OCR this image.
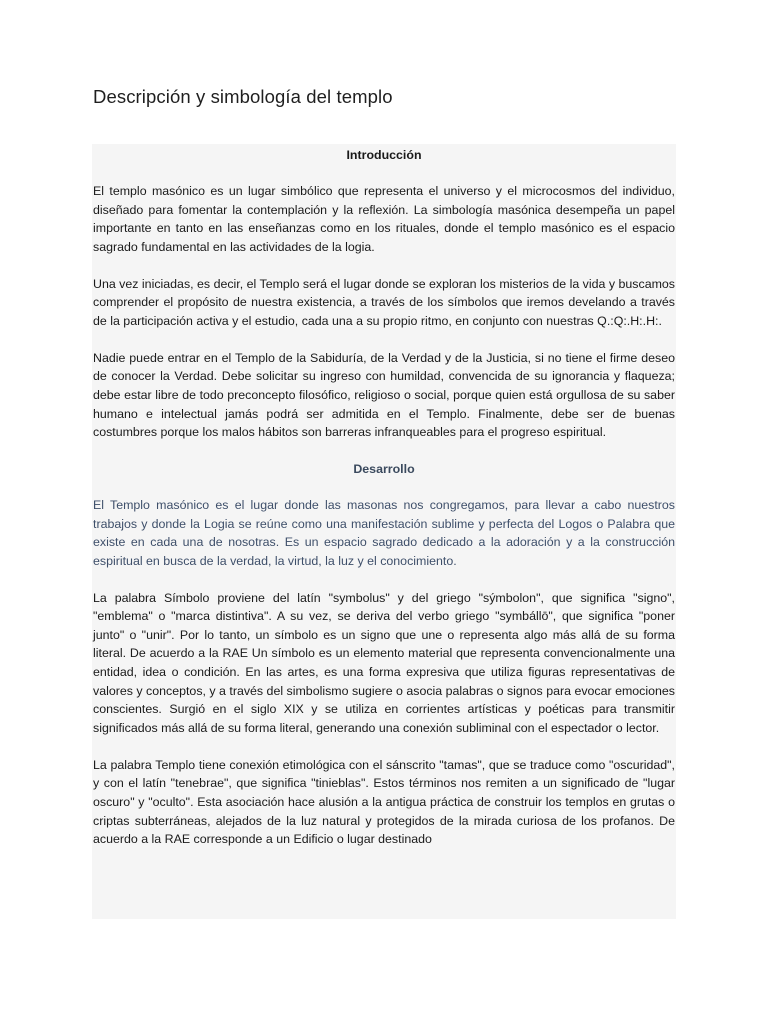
Descripción y simbología del templo
Introducción

El templo masónico es un lugar simbólico que representa el universo y el microcosmos del individuo, diseñado para fomentar la contemplación y la reflexión. La simbología masónica desempeña un papel importante en tanto en las enseñanzas como en los rituales, donde el templo masónico es el espacio sagrado fundamental en las actividades de la logia.

Una vez iniciadas, es decir, el Templo será el lugar donde se exploran los misterios de la vida y buscamos comprender el propósito de nuestra existencia, a través de los símbolos que iremos develando a través de la participación activa y el estudio, cada una a su propio ritmo, en conjunto con nuestras Q.:Q:.H:.H:.

Nadie puede entrar en el Templo de la Sabiduría, de la Verdad y de la Justicia, si no tiene el firme deseo de conocer la Verdad. Debe solicitar su ingreso con humildad, convencida de su ignorancia y flaqueza; debe estar libre de todo preconcepto filosófico, religioso o social, porque quien está orgullosa de su saber humano e intelectual jamás podrá ser admitida en el Templo. Finalmente, debe ser de buenas costumbres porque los malos hábitos son barreras infranqueables para el progreso espiritual.

Desarrollo

El Templo masónico es el lugar donde las masonas nos congregamos, para llevar a cabo nuestros trabajos y donde la Logia se reúne como una manifestación sublime y perfecta del Logos o Palabra que existe en cada una de nosotras. Es un espacio sagrado dedicado a la adoración y a la construcción espiritual en busca de la verdad, la virtud, la luz y el conocimiento.

La palabra Símbolo proviene del latín "symbolus" y del griego "sýmbolon", que significa "signo", "emblema" o "marca distintiva". A su vez, se deriva del verbo griego "symbállō", que significa "poner junto" o "unir". Por lo tanto, un símbolo es un signo que une o representa algo más allá de su forma literal. De acuerdo a la RAE Un símbolo es un elemento material que representa convencionalmente una entidad, idea o condición. En las artes, es una forma expresiva que utiliza figuras representativas de valores y conceptos, y a través del simbolismo sugiere o asocia palabras o signos para evocar emociones conscientes. Surgió en el siglo XIX y se utiliza en corrientes artísticas y poéticas para transmitir significados más allá de su forma literal, generando una conexión subliminal con el espectador o lector.

La palabra Templo tiene conexión etimológica con el sánscrito "tamas", que se traduce como "oscuridad", y con el latín "tenebrae", que significa "tinieblas". Estos términos nos remiten a un significado de "lugar oscuro" y "oculto". Esta asociación hace alusión a la antigua práctica de construir los templos en grutas o criptas subterráneas, alejados de la luz natural y protegidos de la mirada curiosa de los profanos. De acuerdo a la RAE corresponde a un Edificio o lugar destinado
